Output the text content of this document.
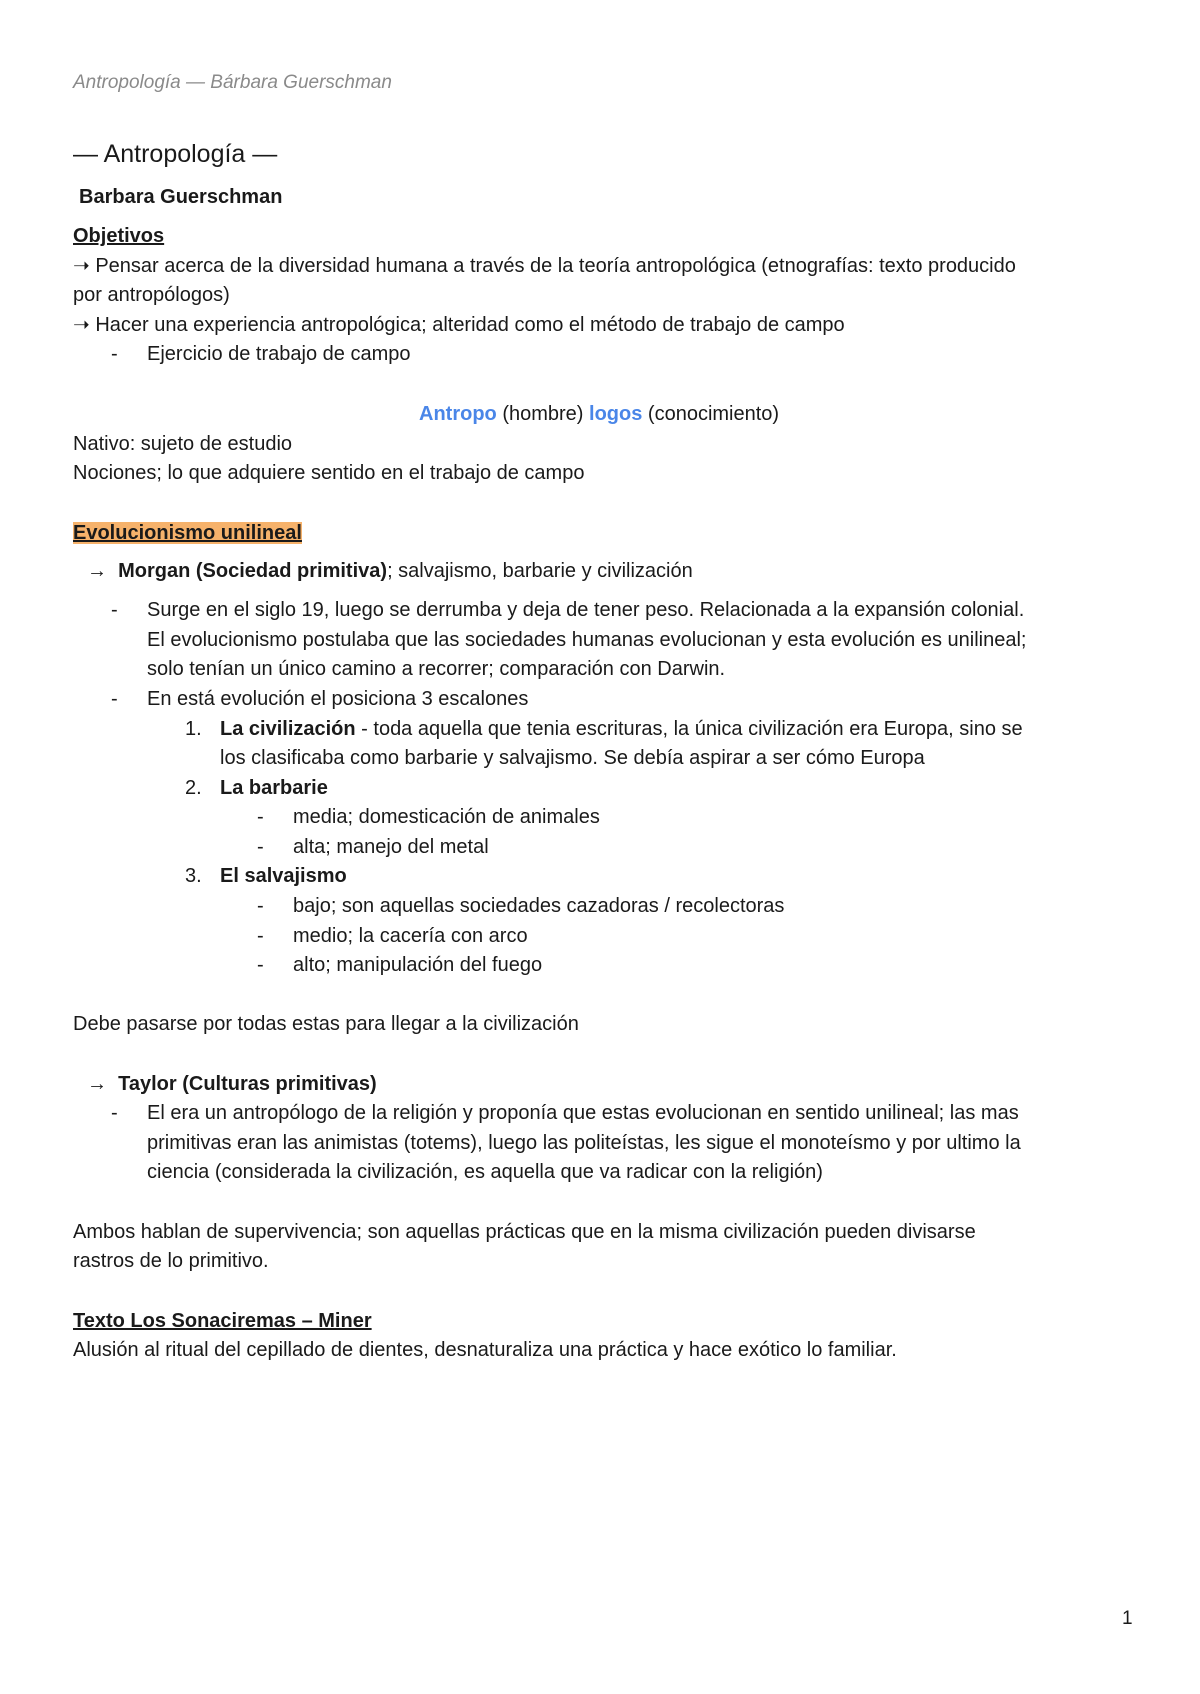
Antropología — Bárbara Guerschman
— Antropología —
Barbara Guerschman
Objetivos
➝ Pensar acerca de la diversidad humana a través de la teoría antropológica (etnografías: texto producido
por antropólogos)
➝ Hacer una experiencia antropológica; alteridad como el método de trabajo de campo
- Ejercicio de trabajo de campo
Antropo (hombre) logos (conocimiento)
Nativo: sujeto de estudio
Nociones; lo que adquiere sentido en el trabajo de campo
Evolucionismo unilineal
→ Morgan (Sociedad primitiva); salvajismo, barbarie y civilización
- Surge en el siglo 19, luego se derrumba y deja de tener peso. Relacionada a la expansión colonial.
El evolucionismo postulaba que las sociedades humanas evolucionan y esta evolución es unilineal;
solo tenían un único camino a recorrer; comparación con Darwin.
- En está evolución el posiciona 3 escalones
1. La civilización - toda aquella que tenia escrituras, la única civilización era Europa, sino se
los clasificaba como barbarie y salvajismo. Se debía aspirar a ser cómo Europa
2. La barbarie
- media; domesticación de animales
- alta; manejo del metal
3. El salvajismo
- bajo; son aquellas sociedades cazadoras / recolectoras
- medio; la cacería con arco
- alto; manipulación del fuego
Debe pasarse por todas estas para llegar a la civilización
→ Taylor (Culturas primitivas)
- El era un antropólogo de la religión y proponía que estas evolucionan en sentido unilineal; las mas
primitivas eran las animistas (totems), luego las politeístas, les sigue el monoteísmo y por ultimo la
ciencia (considerada la civilización, es aquella que va radicar con la religión)
Ambos hablan de supervivencia; son aquellas prácticas que en la misma civilización pueden divisarse
rastros de lo primitivo.
Texto Los Sonaciremas – Miner
Alusión al ritual del cepillado de dientes, desnaturaliza una práctica y hace exótico lo familiar.
1
